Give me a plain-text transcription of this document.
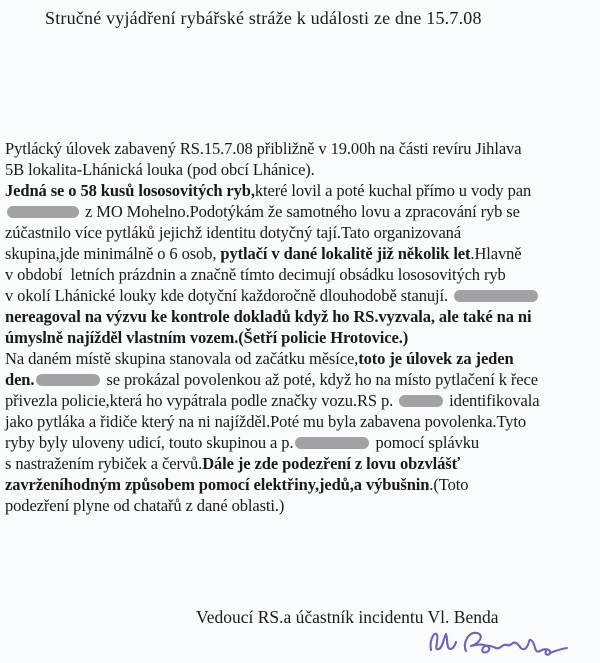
Stručné vyjádření rybářské stráže k události ze dne 15.7.08
Pytlácký úlovek zabavený RS.15.7.08 přibližně v 19.00h na části revíru Jihlava
5B lokalita-Lhánická louka (pod obcí Lhánice).
Jedná se o 58 kusů lososovitých ryb,které lovil a poté kuchal přímo u vody pan
z MO Mohelno.Podotýkám že samotného lovu a zpracování ryb se
zúčastnilo více pytláků jejichž identitu dotyčný tají.Tato organizovaná
skupina,jde minimálně o 6 osob, pytlačí v dané lokalitě již několik let.Hlavně
v období  letních prázdnin a značně tímto decimují obsádku lososovitých ryb
v okolí Lhánické louky kde dotyční každoročně dlouhodobě stanují.
nereagoval na výzvu ke kontrole dokladů když ho RS.vyzvala, ale také na ni
úmyslně najížděl vlastním vozem.(Šetří policie Hrotovice.)
Na daném místě skupina stanovala od začátku měsíce,toto je úlovek za jeden
den.	se prokázal povolenkou až poté, když ho na místo pytlačení k řece
přivezla policie,která ho vypátrala podle značky vozu.RS p.	identifikovala
jako pytláka a řidiče který na ni najížděl.Poté mu byla zabavena povolenka.Tyto
ryby byly uloveny udicí, touto skupinou a p.	pomocí splávku
s nastražením rybiček a červů.Dále je zde podezření z lovu obzvlášť
zavrženíhodným způsobem pomocí elektřiny,jedů,a výbušnin.(Toto
podezření plyne od chatařů z dané oblasti.)
Vedoucí RS.a účastník incidentu Vl. Benda
